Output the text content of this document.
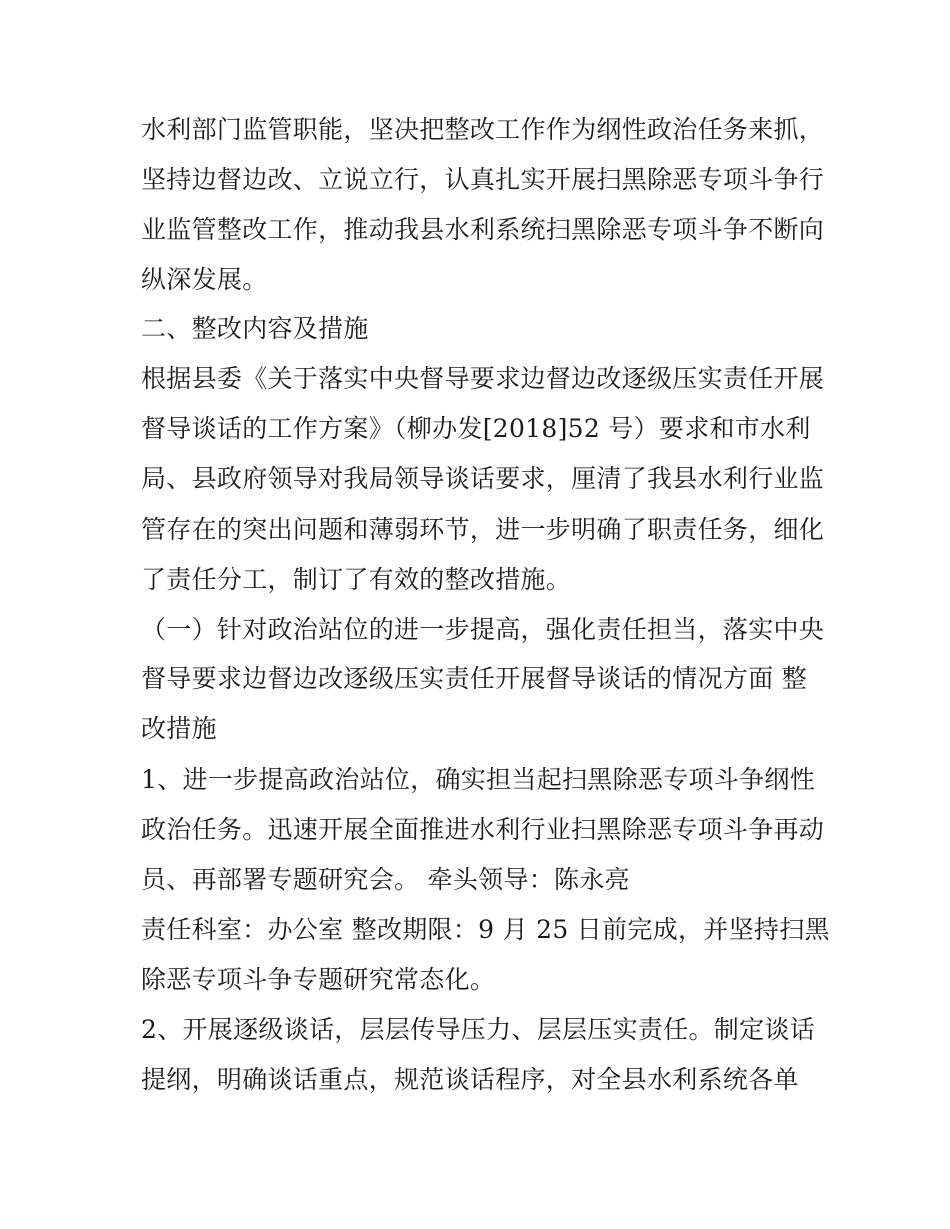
水利部门监管职能，坚决把整改工作作为纲性政治任务来抓，
坚持边督边改、立说立行，认真扎实开展扫黑除恶专项斗争行
业监管整改工作，推动我县水利系统扫黑除恶专项斗争不断向
纵深发展。
二、整改内容及措施
根据县委《关于落实中央督导要求边督边改逐级压实责任开展
督导谈话的工作方案》（柳办发[2018]52 号）要求和市水利
局、县政府领导对我局领导谈话要求，厘清了我县水利行业监
管存在的突出问题和薄弱环节，进一步明确了职责任务，细化
了责任分工，制订了有效的整改措施。
（一）针对政治站位的进一步提高，强化责任担当，落实中央
督导要求边督边改逐级压实责任开展督导谈话的情况方面 整
改措施
1、进一步提高政治站位，确实担当起扫黑除恶专项斗争纲性
政治任务。迅速开展全面推进水利行业扫黑除恶专项斗争再动
员、再部署专题研究会。 牵头领导：陈永亮
责任科室：办公室 整改期限：9 月 25 日前完成，并坚持扫黑
除恶专项斗争专题研究常态化。
2、开展逐级谈话，层层传导压力、层层压实责任。制定谈话
提纲，明确谈话重点，规范谈话程序，对全县水利系统各单
